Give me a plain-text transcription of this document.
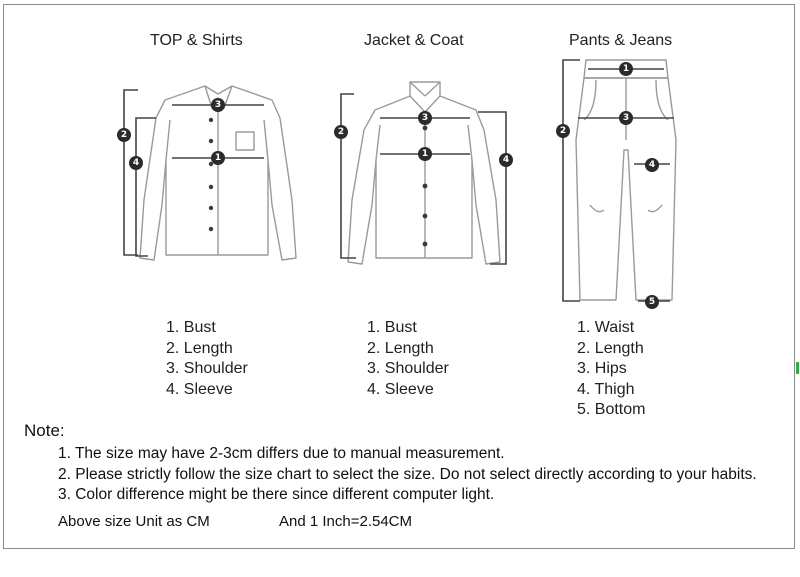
TOP & Shirts	Jacket & Coat	Pants & Jeans
1
2
3
4
1
2
3
4
1
2
3
4
5
1. Bust
2. Length
3. Shoulder
4. Sleeve
1. Bust
2. Length
3. Shoulder
4. Sleeve
1. Waist
2. Length
3. Hips
4. Thigh
5. Bottom
Note:
1. The size may have 2-3cm differs due to manual measurement.
2. Please strictly follow the size chart to select the size. Do not select directly according to your habits.
3. Color difference might be there since different computer light.
Above size Unit as CM	And 1 Inch=2.54CM
